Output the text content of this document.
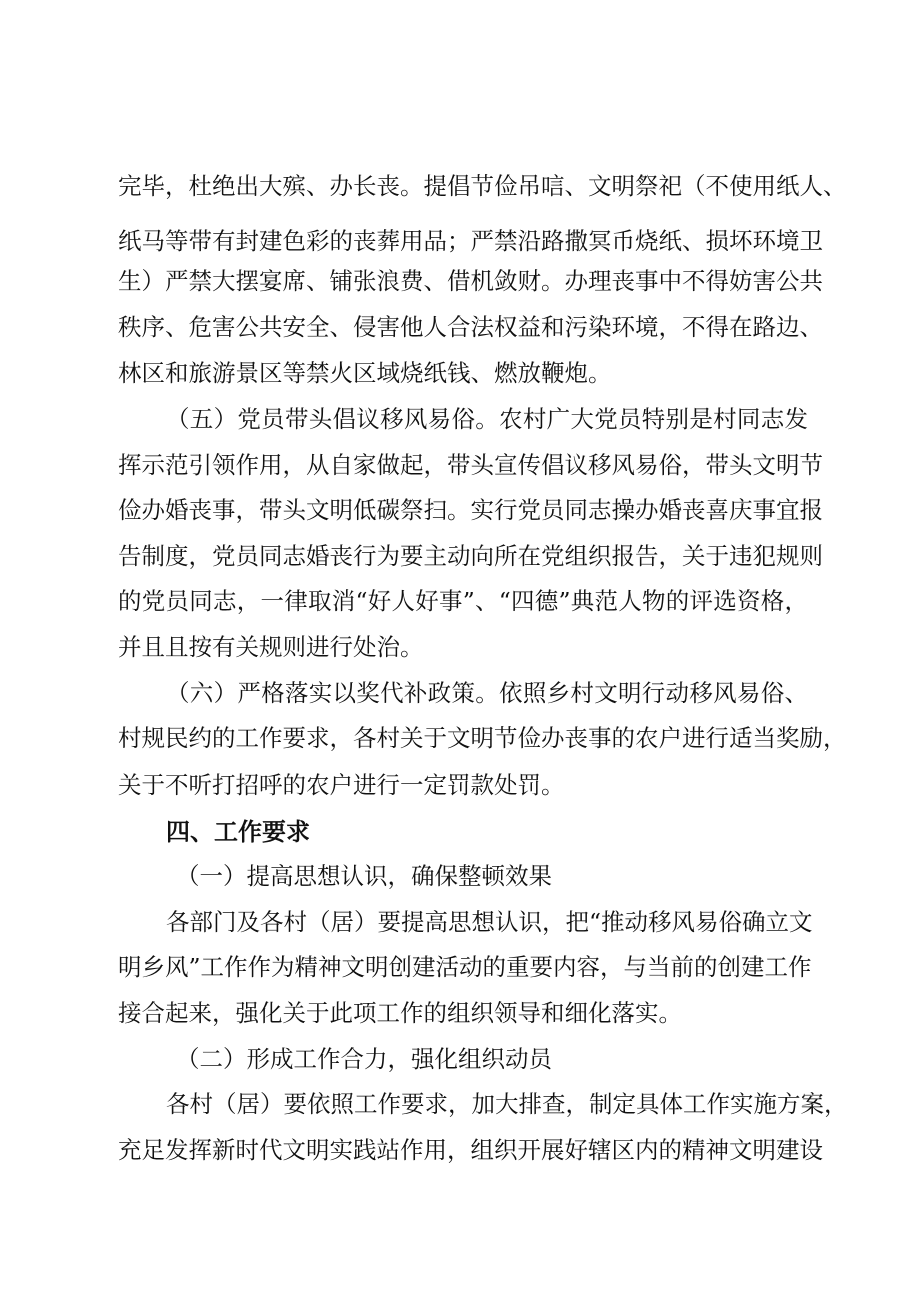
完毕，杜绝出大殡、办长丧。提倡节俭吊唁、文明祭祀（不使用纸人、
纸马等带有封建色彩的丧葬用品；严禁沿路撒冥币烧纸、损坏环境卫
生）严禁大摆宴席、铺张浪费、借机敛财。办理丧事中不得妨害公共
秩序、危害公共安全、侵害他人合法权益和污染环境，不得在路边、
林区和旅游景区等禁火区域烧纸钱、燃放鞭炮。
（五）党员带头倡议移风易俗。农村广大党员特别是村同志发
挥示范引领作用，从自家做起，带头宣传倡议移风易俗，带头文明节
俭办婚丧事，带头文明低碳祭扫。实行党员同志操办婚丧喜庆事宜报
告制度，党员同志婚丧行为要主动向所在党组织报告，关于违犯规则
的党员同志，一律取消“好人好事”、“四德”典范人物的评选资格，
并且且按有关规则进行处治。
（六）严格落实以奖代补政策。依照乡村文明行动移风易俗、
村规民约的工作要求，各村关于文明节俭办丧事的农户进行适当奖励，
关于不听打招呼的农户进行一定罚款处罚。
四、工作要求
（一）提高思想认识，确保整顿效果
各部门及各村（居）要提高思想认识，把“推动移风易俗确立文
明乡风”工作作为精神文明创建活动的重要内容，与当前的创建工作
接合起来，强化关于此项工作的组织领导和细化落实。
（二）形成工作合力，强化组织动员
各村（居）要依照工作要求，加大排查，制定具体工作实施方案，
充足发挥新时代文明实践站作用，组织开展好辖区内的精神文明建设
